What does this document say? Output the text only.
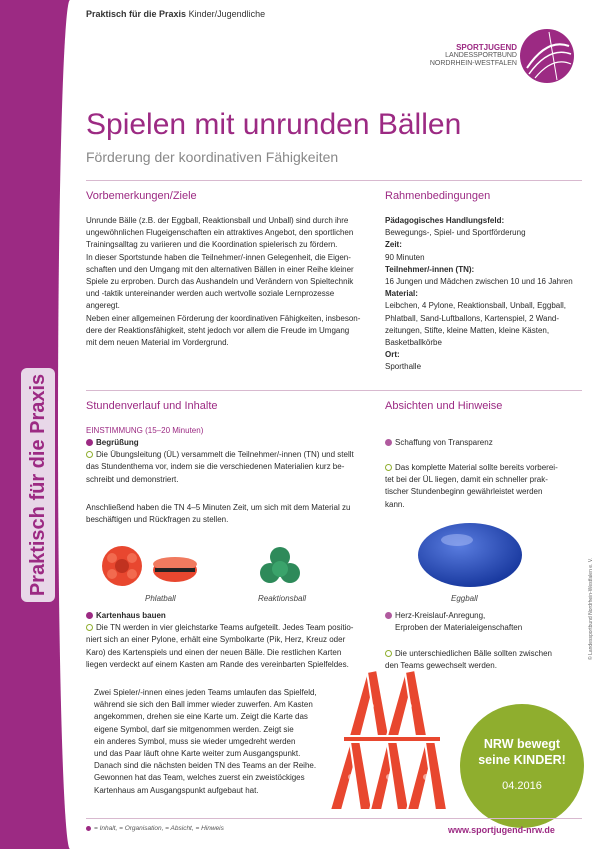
Praktisch für die Praxis
Praktisch für die Praxis Kinder/Jugendliche
SPORTJUGEND
LANDESSPORTBUND
NORDRHEIN-WESTFALEN
Spielen mit unrunden Bällen
Förderung der koordinativen Fähigkeiten
Vorbemerkungen/Ziele
Unrunde Bälle (z.B. der Eggball, Reaktionsball und Unball) sind durch ihre
ungewöhnlichen Flugeigenschaften ein attraktives Angebot, den sportlichen
Trainingsalltag zu variieren und die Koordination spielerisch zu fördern.
In dieser Sportstunde haben die Teilnehmer/-innen Gelegenheit, die Eigen-
schaften und den Umgang mit den alternativen Bällen in einer Reihe kleiner
Spiele zu erproben. Durch das Aushandeln und Verändern von Spieltechnik
und -taktik untereinander werden auch wertvolle soziale Lernprozesse
angeregt.
Neben einer allgemeinen Förderung der koordinativen Fähigkeiten, insbeson-
dere der Reaktionsfähigkeit, steht jedoch vor allem die Freude im Umgang
mit dem neuen Material im Vordergrund.
Rahmenbedingungen
Pädagogisches Handlungsfeld:
Bewegungs-, Spiel- und Sportförderung
Zeit:
90 Minuten
Teilnehmer/-innen (TN):
16 Jungen und Mädchen zwischen 10 und 16 Jahren
Material:
Leibchen, 4 Pylone, Reaktionsball, Unball, Eggball,
Phlatball, Sand-Luftballons, Kartenspiel, 2 Wand-
zeitungen, Stifte, kleine Matten, kleine Kästen,
Basketballkörbe
Ort:
Sporthalle
Stundenverlauf und Inhalte	Absichten und Hinweise
EINSTIMMUNG (15–20 Minuten)
Begrüßung
Die Übungsleitung (ÜL) versammelt die Teilnehmer/-innen (TN) und stellt
das Stundenthema vor, indem sie die verschiedenen Materialien kurz be-
schreibt und demonstriert.
Anschließend haben die TN 4–5 Minuten Zeit, um sich mit dem Material zu
beschäftigen und Rückfragen zu stellen.
Schaffung von Transparenz
Das komplette Material sollte bereits vorberei-
tet bei der ÜL liegen, damit ein schneller prak-
tischer Stundenbeginn gewährleistet werden
kann.
Phlatball	Reaktionsball	Eggball
Kartenhaus bauen
Die TN werden in vier gleichstarke Teams aufgeteilt. Jedes Team positio-
niert sich an einer Pylone, erhält eine Symbolkarte (Pik, Herz, Kreuz oder
Karo) des Kartenspiels und einen der neuen Bälle. Die restlichen Karten
liegen verdeckt auf einem Kasten am Rande des vereinbarten Spielfeldes.
Zwei Spieler/-innen eines jeden Teams umlaufen das Spielfeld,
während sie sich den Ball immer wieder zuwerfen. Am Kasten
angekommen, drehen sie eine Karte um. Zeigt die Karte das
eigene Symbol, darf sie mitgenommen werden. Zeigt sie
ein anderes Symbol, muss sie wieder umgedreht werden
und das Paar läuft ohne Karte weiter zum Ausgangspunkt.
Danach sind die nächsten beiden TN des Teams an der Reihe.
Gewonnen hat das Team, welches zuerst ein zweistöckiges
Kartenhaus am Ausgangspunkt aufgebaut hat.
Herz-Kreislauf-Anregung,
Erproben der Materialeigenschaften
Die unterschiedlichen Bälle sollten zwischen
den Teams gewechselt werden.
NRW bewegt
seine KINDER!
04.2016
= Inhalt, = Organisation, = Absicht, = Hinweis	www.sportjugend-nrw.de
© Landessportbund Nordrhein-Westfalen e. V.
